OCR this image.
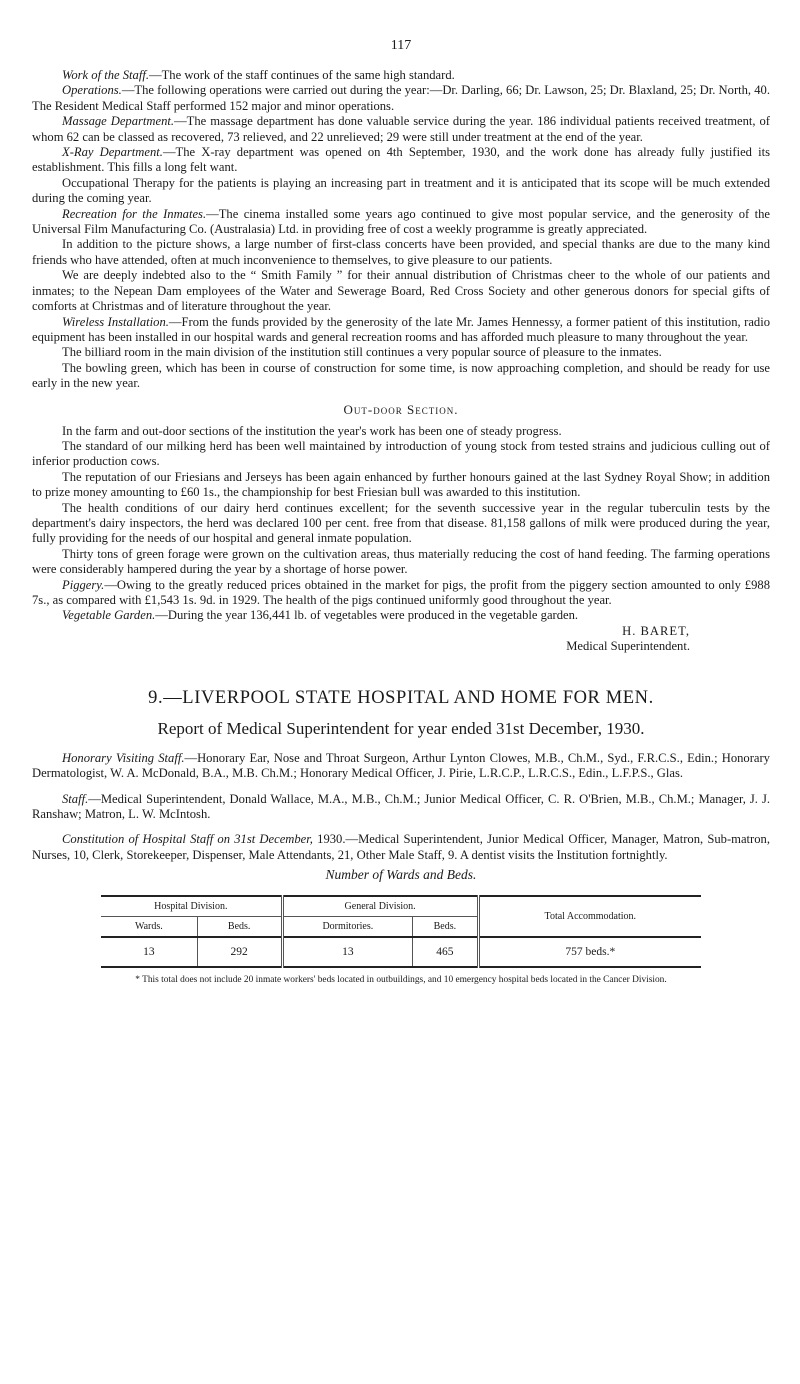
117

Work of the Staff.—The work of the staff continues of the same high standard.

Operations.—The following operations were carried out during the year:—Dr. Darling, 66; Dr. Lawson, 25; Dr. Blaxland, 25; Dr. North, 40. The Resident Medical Staff performed 152 major and minor operations.

Massage Department.—The massage department has done valuable service during the year. 186 individual patients received treatment, of whom 62 can be classed as recovered, 73 relieved, and 22 unrelieved; 29 were still under treatment at the end of the year.

X-Ray Department.—The X-ray department was opened on 4th September, 1930, and the work done has already fully justified its establishment. This fills a long felt want.

Occupational Therapy for the patients is playing an increasing part in treatment and it is anticipated that its scope will be much extended during the coming year.

Recreation for the Inmates.—The cinema installed some years ago continued to give most popular service, and the generosity of the Universal Film Manufacturing Co. (Australasia) Ltd. in providing free of cost a weekly programme is greatly appreciated.

In addition to the picture shows, a large number of first-class concerts have been provided, and special thanks are due to the many kind friends who have attended, often at much inconvenience to themselves, to give pleasure to our patients.

We are deeply indebted also to the “ Smith Family ” for their annual distribution of Christmas cheer to the whole of our patients and inmates; to the Nepean Dam employees of the Water and Sewerage Board, Red Cross Society and other generous donors for special gifts of comforts at Christmas and of literature throughout the year.

Wireless Installation.—From the funds provided by the generosity of the late Mr. James Hennessy, a former patient of this institution, radio equipment has been installed in our hospital wards and general recreation rooms and has afforded much pleasure to many throughout the year.

The billiard room in the main division of the institution still continues a very popular source of pleasure to the inmates.

The bowling green, which has been in course of construction for some time, is now approaching completion, and should be ready for use early in the new year.

Out-door Section.

In the farm and out-door sections of the institution the year's work has been one of steady progress.

The standard of our milking herd has been well maintained by introduction of young stock from tested strains and judicious culling out of inferior production cows.

The reputation of our Friesians and Jerseys has been again enhanced by further honours gained at the last Sydney Royal Show; in addition to prize money amounting to £60 1s., the championship for best Friesian bull was awarded to this institution.

The health conditions of our dairy herd continues excellent; for the seventh successive year in the regular tuberculin tests by the department's dairy inspectors, the herd was declared 100 per cent. free from that disease. 81,158 gallons of milk were produced during the year, fully providing for the needs of our hospital and general inmate population.

Thirty tons of green forage were grown on the cultivation areas, thus materially reducing the cost of hand feeding. The farming operations were considerably hampered during the year by a shortage of horse power.

Piggery.—Owing to the greatly reduced prices obtained in the market for pigs, the profit from the piggery section amounted to only £988 7s., as compared with £1,543 1s. 9d. in 1929. The health of the pigs continued uniformly good throughout the year.

Vegetable Garden.—During the year 136,441 lb. of vegetables were produced in the vegetable garden.

H. BARET,
Medical Superintendent.
9.—LIVERPOOL STATE HOSPITAL AND HOME FOR MEN.
Report of Medical Superintendent for year ended 31st December, 1930.

Honorary Visiting Staff.—Honorary Ear, Nose and Throat Surgeon, Arthur Lynton Clowes, M.B., Ch.M., Syd., F.R.C.S., Edin.; Honorary Dermatologist, W. A. McDonald, B.A., M.B. Ch.M.; Honorary Medical Officer, J. Pirie, L.R.C.P., L.R.C.S., Edin., L.F.P.S., Glas.

Staff.—Medical Superintendent, Donald Wallace, M.A., M.B., Ch.M.; Junior Medical Officer, C. R. O'Brien, M.B., Ch.M.; Manager, J. J. Ranshaw; Matron, L. W. McIntosh.

Constitution of Hospital Staff on 31st December, 1930.—Medical Superintendent, Junior Medical Officer, Manager, Matron, Sub-matron, Nurses, 10, Clerk, Storekeeper, Dispenser, Male Attendants, 21, Other Male Staff, 9. A dentist visits the Institution fortnightly.

Number of Wards and Beds.
Hospital Division.		General Division.		Total Accommodation.
Wards.	Beds.	Dormitories.	Beds.	
13	292	13	465	757 beds.*
* This total does not include 20 inmate workers' beds located in outbuildings, and 10 emergency hospital beds located in the Cancer Division.
